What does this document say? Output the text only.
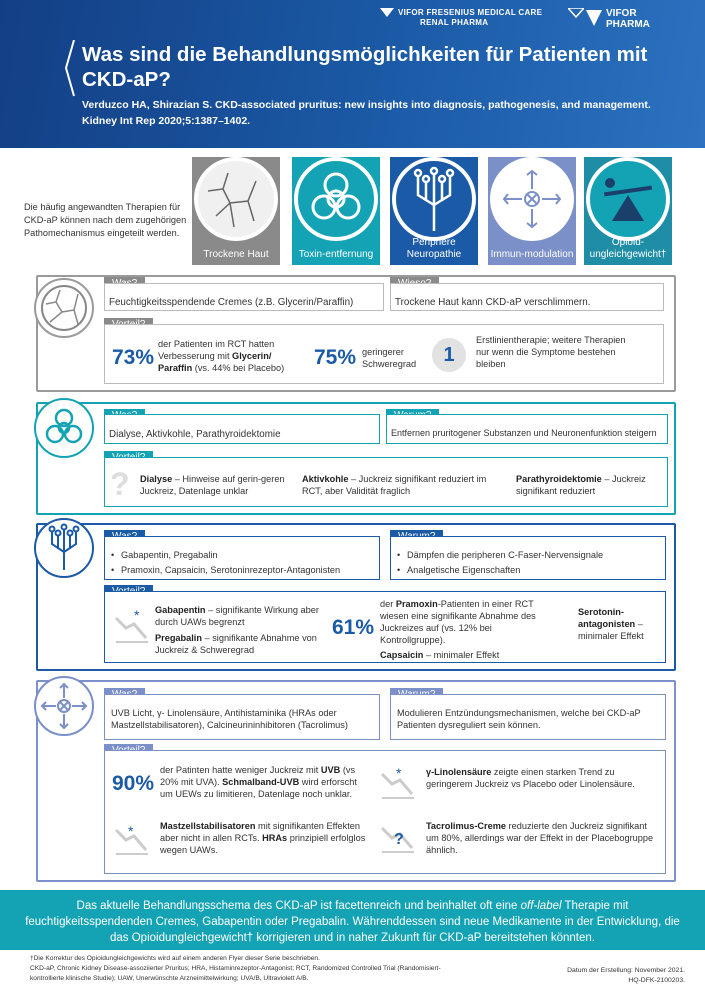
VIFOR FRESENIUS MEDICAL CARE
RENAL PHARMA
VIFOR
PHARMA
Was sind die Behandlungsmöglichkeiten für Patienten mit CKD-aP?
Verduzco HA, Shirazian S. CKD-associated pruritus: new insights into diagnosis, pathogenesis, and management. Kidney Int Rep 2020;5:1387–1402.
Die häufig angewandten Therapien für CKD-aP können nach dem zugehörigen Pathomechanismus eingeteilt werden.
Trockene Haut	Toxin-entfernung
Periphere Neuropathie	Immun-modulation
Opioid-ungleichgewicht†
Feuchtigkeitsspendende Cremes (z.B. Glycerin/Paraffin)	Trockene Haut kann CKD-aP verschlimmern.
73%
der Patienten im RCT hatten Verbesserung mit Glycerin/ Paraffin (vs. 44% bei Placebo)	75% geringerer Schweregrad	1
Erstlinientherapie; weitere Therapien nur wenn die Symptome bestehen bleiben
Dialyse, Aktivkohle, Parathyroidektomie	Entfernen pruritogener Substanzen und Neuronenfunktion steigern
? Dialyse – Hinweise auf gerin-geren Juckreiz, Datenlage unklar
Aktivkohle – Juckreiz signifikant reduziert im RCT, aber Validität fraglich
Parathyroidektomie – Juckreiz signifikant reduziert
• Gabapentin, Pregabalin
• Pramoxin, Capsaicin, Serotoninrezeptor-Antagonisten
• Dämpfen die peripheren C-Faser-Nervensignale
• Analgetische Eigenschaften
* Gabapentin – signifikante Wirkung aber durch UAWs begrenzt
Pregabalin – signifikante Abnahme von Juckreiz & Schweregrad
61%
der Pramoxin-Patienten in einer RCT wiesen eine signifikante Abnahme des Juckreizes auf (vs. 12% bei Kontrollgruppe).
Capsaicin – minimaler Effekt
Serotonin-antagonisten – minimaler Effekt
UVB Licht, γ- Linolensäure, Antihistaminika (HRAs oder Mastzellstabilisatoren), Calcineurininhibitoren (Tacrolimus)
Modulieren Entzündungsmechanismen, welche bei CKD-aP Patienten dysreguliert sein können.
90%
der Patinten hatte weniger Juckreiz mit UVB (vs 20% mit UVA). Schmalband-UVB wird erforscht um UEWs zu limitieren, Datenlage noch unklar.
*	γ-Linolensäure zeigte einen starken Trend zu geringerem Juckreiz vs Placebo oder Linolensäure.
*	Mastzellstabilisatoren mit signifikanten Effekten aber nicht in allen RCTs. HRAs prinzipiell erfolglos wegen UAWs.
?
Tacrolimus-Creme reduzierte den Juckreiz signifikant um 80%, allerdings war der Effekt in der Placebogruppe ähnlich.
Das aktuelle Behandlungsschema des CKD-aP ist facettenreich und beinhaltet oft eine off-label Therapie mit feuchtigkeitsspendenden Cremes, Gabapentin oder Pregabalin. Währenddessen sind neue Medikamente in der Entwicklung, die das Opioidungleichgewicht† korrigieren und in naher Zukunft für CKD-aP bereitstehen könnten.
†Die Korrektur des Opioidungleichgewichts wird auf einem anderen Flyer dieser Serie beschrieben.
CKD-aP, Chronic Kidney Disease-assoziierter Pruritus; HRA, Histaminrezeptor-Antagonist; RCT, Randomized Controlled Trial (Randomisiert-kontrollierte klinische Studie); UAW, Unerwünschte Arzneimittelwirkung; UVA/B, Ultraviolett A/B.
Datum der Erstellung: November 2021.
HQ-DFK-2100203.
